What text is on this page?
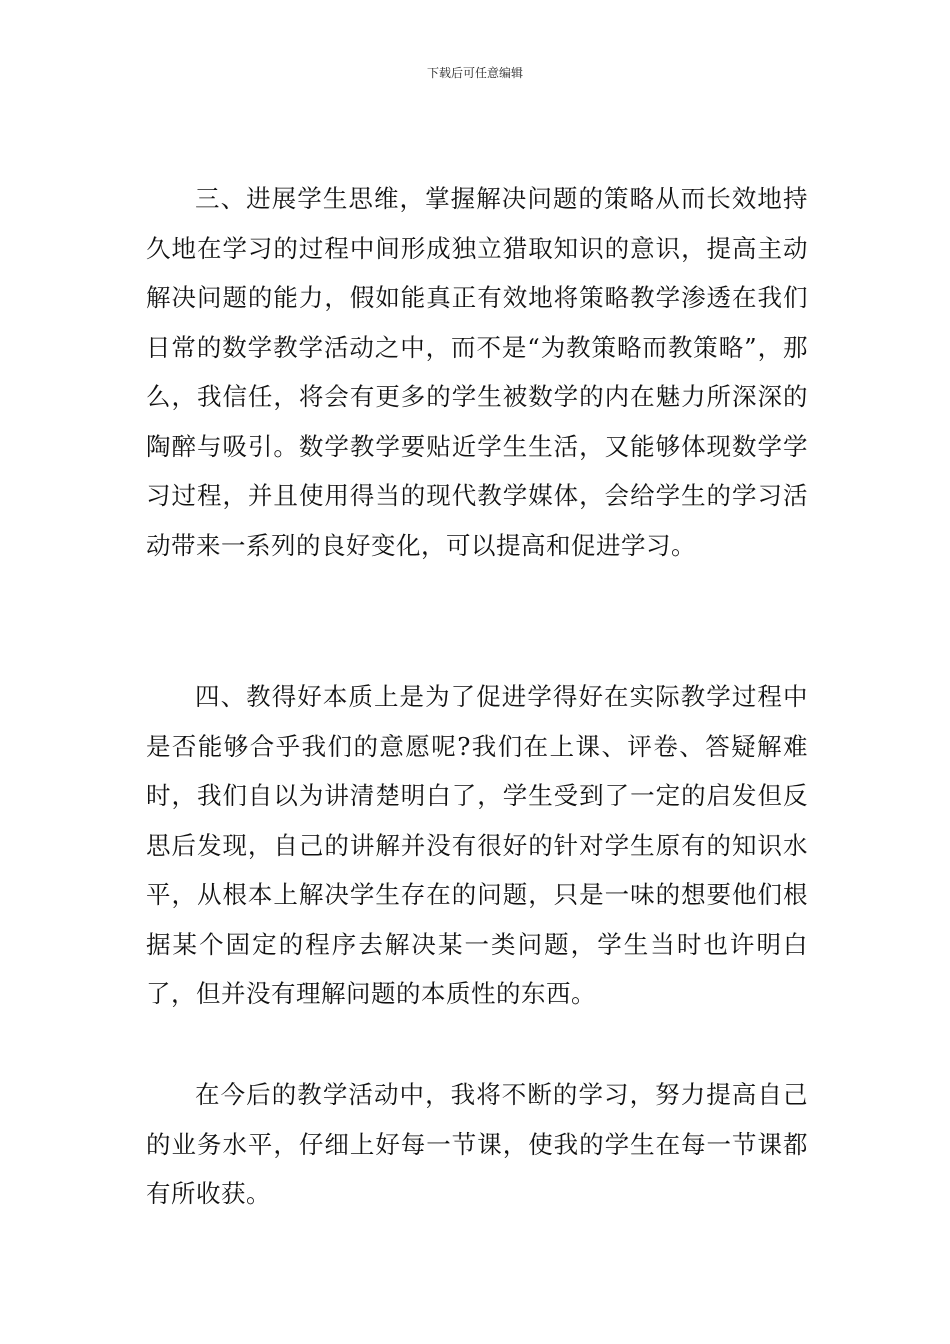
下载后可任意编辑

三、进展学生思维，掌握解决问题的策略从而长效地持久地在学习的过程中间形成独立猎取知识的意识，提高主动解决问题的能力，假如能真正有效地将策略教学渗透在我们日常的数学教学活动之中，而不是“为教策略而教策略”，那么，我信任，将会有更多的学生被数学的内在魅力所深深的陶醉与吸引。数学教学要贴近学生生活，又能够体现数学学习过程，并且使用得当的现代教学媒体，会给学生的学习活动带来一系列的良好变化，可以提高和促进学习。

四、教得好本质上是为了促进学得好在实际教学过程中是否能够合乎我们的意愿呢?我们在上课、评卷、答疑解难时，我们自以为讲清楚明白了，学生受到了一定的启发但反思后发现，自己的讲解并没有很好的针对学生原有的知识水平，从根本上解决学生存在的问题，只是一味的想要他们根据某个固定的程序去解决某一类问题，学生当时也许明白了，但并没有理解问题的本质性的东西。

在今后的教学活动中，我将不断的学习，努力提高自己的业务水平，仔细上好每一节课，使我的学生在每一节课都有所收获。
